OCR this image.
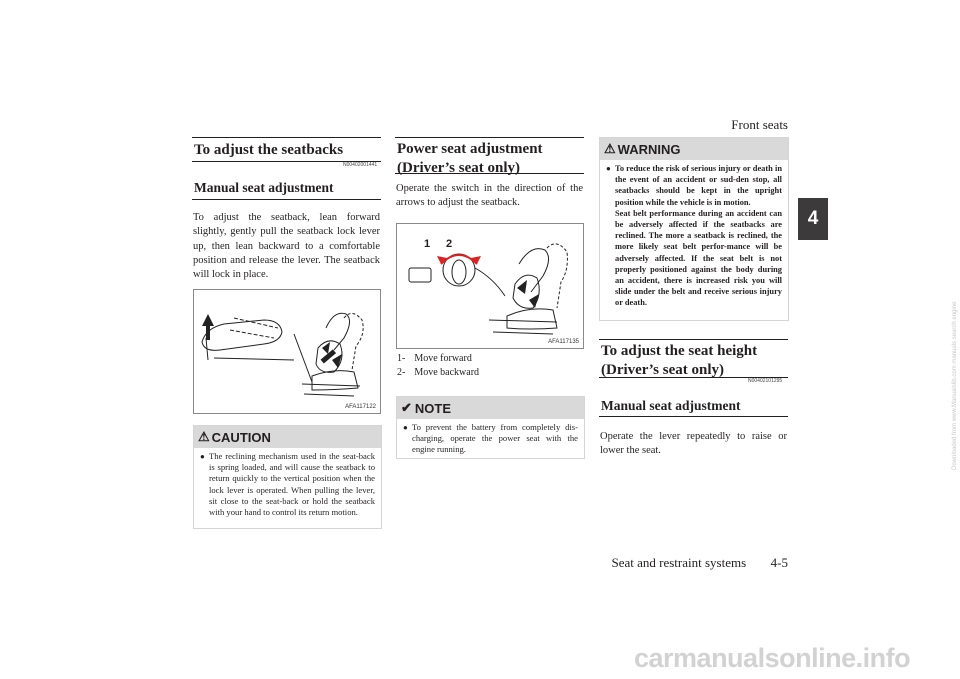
Front seats
Seat and restraint systems 4-5
4
To adjust the seatbacks
N00402001441
Manual seat adjustment
To adjust the seatback, lean forward slightly, gently pull the seatback lock lever up, then lean backward to a comfortable position and release the lever. The seatback will lock in place.
AFA117122
⚠ CAUTION
● The reclining mechanism used in the seat-back is spring loaded, and will cause the seatback to return quickly to the vertical position when the lock lever is operated. When pulling the lever, sit close to the seat-back or hold the seatback with your hand to control its return motion.
Power seat adjustment (Driver’s seat only)
Operate the switch in the direction of the arrows to adjust the seatback.
1 2
AFA117135
1- Move forward
2- Move backward
✔ NOTE
● To prevent the battery from completely dis-charging, operate the power seat with the engine running.
⚠ WARNING
● To reduce the risk of serious injury or death in the event of an accident or sud-den stop, all seatbacks should be kept in the upright position while the vehicle is in motion.
Seat belt performance during an accident can be adversely affected if the seatbacks are reclined. The more a seatback is reclined, the more likely seat belt perfor-mance will be adversely affected. If the seat belt is not properly positioned against the body during an accident, there is increased risk you will slide under the belt and receive serious injury or death.
To adjust the seat height (Driver’s seat only)
N00402101295
Manual seat adjustment
Operate the lever repeatedly to raise or lower the seat.
carmanualsonline.info
Downloaded from www.Manualslib.com manuals search engine
